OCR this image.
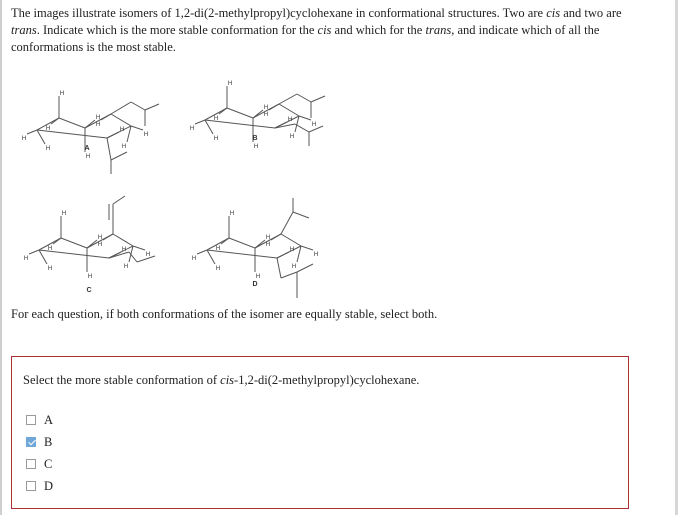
The images illustrate isomers of 1,2-di(2-methylpropyl)cyclohexane in conformational structures. Two are cis and two are trans. Indicate which is the more stable conformation for the cis and which for the trans, and indicate which of all the conformations is the most stable.
H
H
H
H
H
H
H
H
H
H
A
H
H
H
H
H
H
H
H
H
H
B
H
H
H
H
H
H
H
H
H
H
C
H
H
H
H
H
H
H
H
H
H
D
For each question, if both conformations of the isomer are equally stable, select both.
Select the more stable conformation of cis-1,2-di(2-methylpropyl)cyclohexane.
A
B
C
D
